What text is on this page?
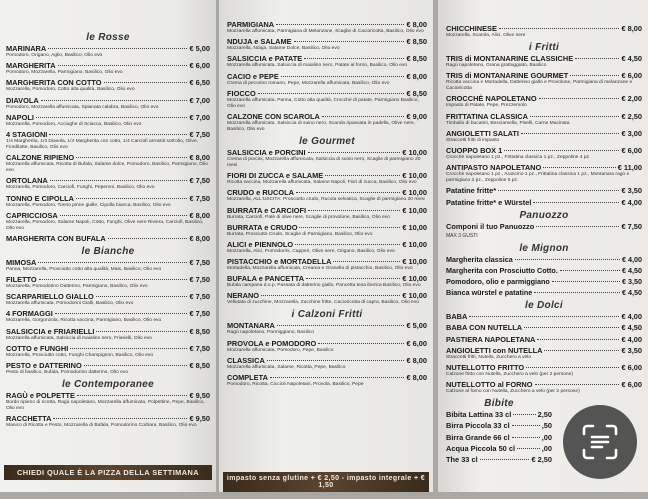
le Rosse
MARINARA	€ 5,00
Pomodoro, Origano, Aglio, Basilico, Olio evo
MARGHERITA	€ 6,00
Pomodoro, Mozzarella, Parmigiano, Basilico, Olio evo
MARGHERITA CON COTTO	€ 6,50
Mozzarella, Pomodoro, Cotto alta qualità, Basilico, Olio evo
DIAVOLA	€ 7,00
Pomodoro, Mozzarella affumicata, Spianata calabra, Basilico, Olio evo
NAPOLI	€ 7,00
Mozzarella, Pomodoro, Acciughe di Sciacca, Basilico, Olio evo
4 STAGIONI	€ 7,50
1/4 Margherita, 1/4 Diavola, 1/4 Margherita con cotto, 1/4 Carciofi arrostiti sott'olio, Olive, Fiordilatte, Basilico, Olio evo
CALZONE RIPIENO	€ 8,00
Mozzarella affumicata, Ricotta di Bufala, Salame dolce, Pomodoro, Basilico, Parmigiano, Olio evo
ORTOLANA	€ 7,50
Mozzarella, Pomodoro, Carciofi, Funghi, Peperoni, Basilico, Olio evo
TONNO E CIPOLLA	€ 7,50
Mozzarella, Pomodoro, Tonno pinne gialle, Cipolla bianca, Basilico, Olio evo
CAPRICCIOSA	€ 8,00
Mozzarella, Pomodoro, Salame Napoli, Cotto, Funghi, Olive nere Riviera, Carciofi, Basilico, Olio evo
MARGHERITA CON BUFALA	€ 8,00
le Bianche
MIMOSA	€ 7,50
Panna, Mozzarella, Prosciutto cotto alta qualità, Mais, Basilico, Olio evo
FILETTO	€ 7,50
Mozzarella, Pomodorino Datterino, Parmigiano, Basilico, Olio evo
SCARPARIELLO GIALLO	€ 7,50
Mozzarella affumicata, Pomodorini Gialli, Basilico, Olio evo
4 FORMAGGI	€ 7,50
Mozzarella, Gorgonzola, Ricotta vaccina, Parmigiano, Basilico, Olio evo
SALSICCIA e FRIARIELLI	€ 8,50
Mozzarella affumicata, Salsiccia di maialino nero, Friarielli, Olio evo
COTTO e FUNGHI	€ 7,50
Mozzarella, Prosciutto cotto, Funghi Champignon, Basilico, Olio evo
PESTO e DATTERINO	€ 8,50
Pesto di basilico, Bufala, Pomodorino datterino, Olio evo
le Contemporanee
RAGÙ e POLPETTE	€ 9,50
Bordo ripieno di ricotta, Ragù napoletano, Mozzarella affumicata, Polpettine, Pepe, Basilico, Olio evo
RACCHETTA	€ 9,50
Manico di Ricotta e Pesto, Mozzarella di Bufala, Pomodorino Corbara, Basilico, Olio evo
CHIEDI QUALE È LA PIZZA DELLA SETTIMANA
PARMIGIANA	€ 8,00
Mozzarella affumicata, Parmigiana di Melanzane, Scaglie di Cacioricotta, Basilico, Olio evo
NDUJA e SALAME	€ 8,50
Mozzarella, Nduja, Salame Dolce, Basilico, Olio evo
SALSICCIA e PATATE	€ 8,50
Mozzarella affumicata, Salsiccia di maialino nero, Patate al forno, Basilico, Olio evo
CACIO e PEPE	€ 8,00
Crema di pecorino romano, Pepe, Mozzarella affumicata, Basilico, Olio evo
FIOCCO	€ 8,50
Mozzarella affumicata, Panna, Cotto alta qualità, Crocchè di patate, Parmigiano Basilico, Olio evo
CALZONE CON SCAROLA	€ 9,00
Mozzarella affumicata, Salsiccia di suino nero, Scarola ripassata in padella, Olive nere, Basilico, Olio evo
le Gourmet
SALSICCIA e PORCINI	€ 10,00
Crema di porcini, Mozzarella affumicata, Salsiccia di suino nero, Scaglie di parmigiano 20 mesi
FIORI DI ZUCCA e SALAME	€ 10,00
Ricotta vaccina, Mozzarella affumicata, Salame Napoli, Fiori di zucca, Basilico, Olio evo
CRUDO e RUCOLA	€ 10,00
Mozzarella, ALL'USCITA: Prosciutto crudo, Rucola selvatica, Scaglie di parmigiano 20 mesi
BURRATA e CARCIOFI	€ 10,00
Burrata, Carciofi, Patè di olive nere, Scaglie di provolone, Basilico, Olio evo
BURRATA e CRUDO	€ 10,00
Burrata, Prosciutto Crudo, Scaglie di Parmigiano, Basilico, Olio evo
ALICI e PIENNOLO	€ 10,00
Mozzarella, Alici, Pomodorini, Capperi, Olive nere, Origano, Basilico, Olio evo
PISTACCHIO e MORTADELLA	€ 10,00
Mortadella, Mozzarella affumicata, Creama e Granella di pistacchio, Basilico, Olio evo
BUFALA e PANCETTA	€ 10,00
Bufala campana d.o.p, Passata di datterino giallo, Pancetta tesa iberica Basilico, Olio evo
NERANO	€ 10,00
Vellutata di zucchine, Mozzarella, Zucchine fritte, Cacioricotta di capra, Basilico, Olio evo
i Calzoni Fritti
MONTANARA	€ 5,00
Ragù napoletano, Parmiggiano, Basilico
PROVOLA e POMODORO	€ 6,00
Mozzarella affumicata, Pomodoro, Pepe, Basilico
CLASSICA	€ 8,00
Mozzarella affumicata, Salame, Ricotta, Pepe, Basilico
COMPLETA	€ 8,00
Pomodoro, Ricotta, Ciccioli Napoletani, Provola, Basilico, Pepe
impasto senza glutine + € 2,50 - impasto integrale + € 1,50
CHICCHINESE	€ 8,00
Mozzarella, Scarola, Alici, Olive nere
i Fritti
TRIS di MONTANARINE CLASSICHE	€ 4,50
Ragù napoletano, Grana grattuggiato, Basilico
TRIS di MONTANARINE GOURMET	€ 6,00
Ricotta vaccina e Mortadella, Datterino giallo e Provolone, Parmigiana di melanzane e Cacioricotta
CROCCHÈ NAPOLETANO	€ 2,00
Impasto di Patate, Pepe, Prezzemolo
FRITTATINA CLASSICA	€ 2,50
Timballo di bucatini, Besciamella, Piselli, Carne Macinata
ANGIOLETTI SALATI	€ 3,00
Straccetti fritti di impasto
CUOPPO BOX 1	€ 6,00
Crocchè napoletano 1 pz., Frittatina classica 1 pz., Zeppoline 4 pz.
ANTIPASTO NAPOLETANO	€ 11,00
Crocchè napoletano 1 pz., Arancino 1 pz., Frittatina classica 1 pz., Montanara ragù e parmigiano 2 pz., Zeppoline 5 pz.
Patatine fritte*	€ 3,50
Patatine fritte* e Würstel	€ 4,00
Panuozzo
Componi il tuo Panuozzo	€ 7,50
MAX 3 GUSTI
le Mignon
Margherita classica	€ 4,00
Margherita con Prosciutto Cotto.	€ 4,50
Pomodoro, olio e parmiggiano	€ 3,50
Bianca würstel e patatine	€ 4,50
le Dolci
BABA	€ 4,00
BABA CON NUTELLA	€ 4,50
PASTIERA NAPOLETANA	€ 4,00
ANGIOLETTI con NUTELLA	€ 3,50
Straccetti fritti, Nutella, Zucchero a velo
NUTELLOTTO FRITTO	€ 6,00
Calzone fritto con Nutella, Zucchero a velo (per 2 persone)
NUTELLOTTO al FORNO	€ 6,00
Calzone al forno con Nutella, Zucchero a velo (per 2 persone)
Bibite
Bibita Lattina 33 cl	2,50
Birra Piccola 33 cl	,50
Birra Grande 66 cl	,00
Acqua Piccola 50 cl	,00
The 33 cl	€ 2,50
